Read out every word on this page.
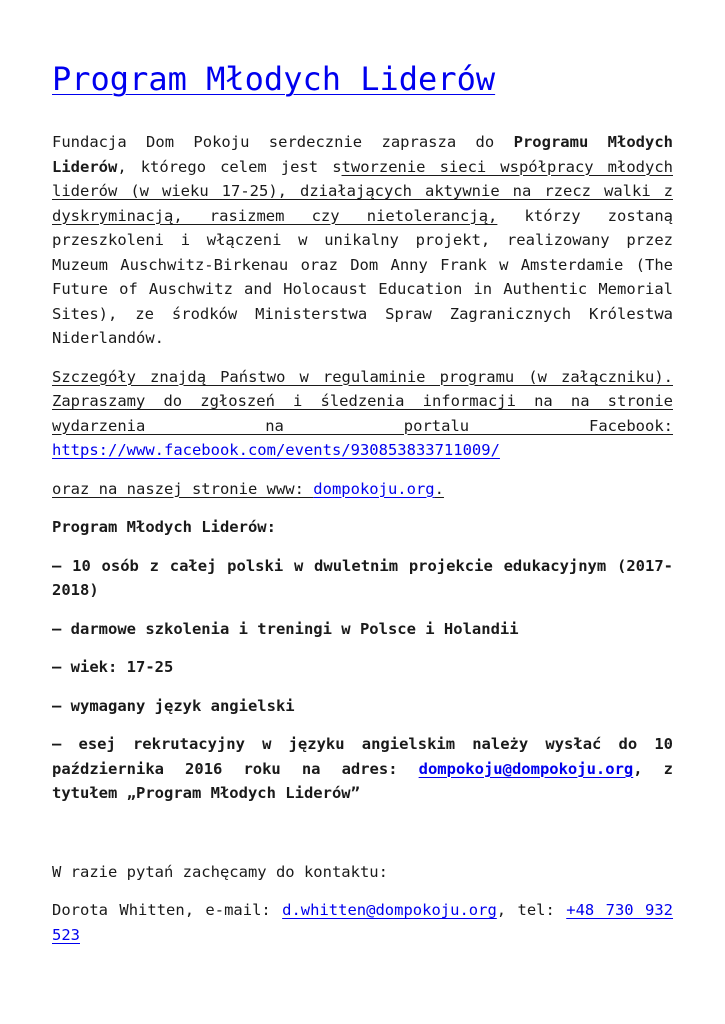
Program Młodych Liderów

Fundacja Dom Pokoju serdecznie zaprasza do Programu Młodych Liderów, którego celem jest stworzenie sieci współpracy młodych liderów (w wieku 17-25), działających aktywnie na rzecz walki z dyskryminacją, rasizmem czy nietolerancją, którzy zostaną przeszkoleni i włączeni w unikalny projekt, realizowany przez Muzeum Auschwitz-Birkenau oraz Dom Anny Frank w Amsterdamie (The Future of Auschwitz and Holocaust Education in Authentic Memorial Sites), ze środków Ministerstwa Spraw Zagranicznych Królestwa Niderlandów.

Szczegóły znajdą Państwo w regulaminie programu (w załączniku). Zapraszamy do zgłoszeń i śledzenia informacji na na stronie wydarzenia na portalu Facebook: https://www.facebook.com/events/930853833711009/

oraz na naszej stronie www: dompokoju.org.

Program Młodych Liderów:

– 10 osób z całej polski w dwuletnim projekcie edukacyjnym (2017-2018)

– darmowe szkolenia i treningi w Polsce i Holandii

– wiek: 17-25

– wymagany język angielski

– esej rekrutacyjny w języku angielskim należy wysłać do 10 października 2016 roku na adres: dompokoju@dompokoju.org, z tytułem „Program Młodych Liderów”

W razie pytań zachęcamy do kontaktu:

Dorota Whitten, e-mail: d.whitten@dompokoju.org, tel: +48 730 932 523
